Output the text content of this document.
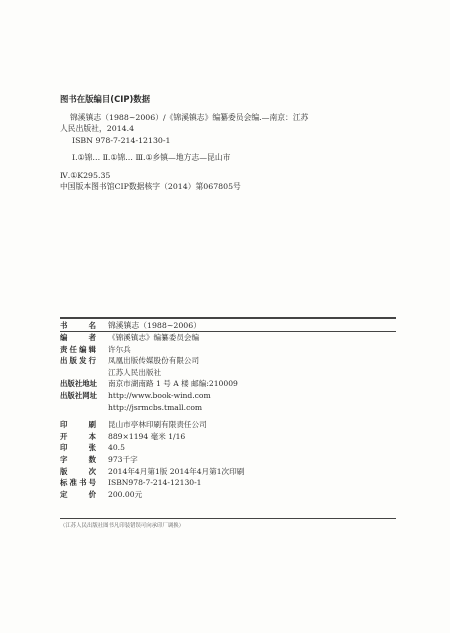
图书在版编目(CIP)数据
锦溪镇志（1988~2006）/《锦溪镇志》编纂委员会编.—南京：江苏
人民出版社，2014.4
ISBN 978-7-214-12130-1
Ⅰ.①锦… Ⅱ.①锦… Ⅲ.①乡镇—地方志—昆山市
Ⅳ.①K295.35
中国版本图书馆CIP数据核字（2014）第067805号
书	名 锦溪镇志（1988~2006）
编	者 《锦溪镇志》编纂委员会编
责 任 编 辑 许尔兵
出 版 发 行 凤凰出版传媒股份有限公司
江苏人民出版社
出 版 社 地 址 南京市湖南路 1 号 A 楼 邮编:210009
出 版 社 网 址 http://www.book-wind.com
http://jsrmcbs.tmall.com
印	刷 昆山市亭林印刷有限责任公司
开	本 889×1194 毫米 1/16
印	张 40.5
字	数 973千字
版	次 2014年4月第1版 2014年4月第1次印刷
标 准 书 号 ISBN978-7-214-12130-1
定	价 200.00元
（江苏人民出版社图书凡印装错误可向承印厂调换）
